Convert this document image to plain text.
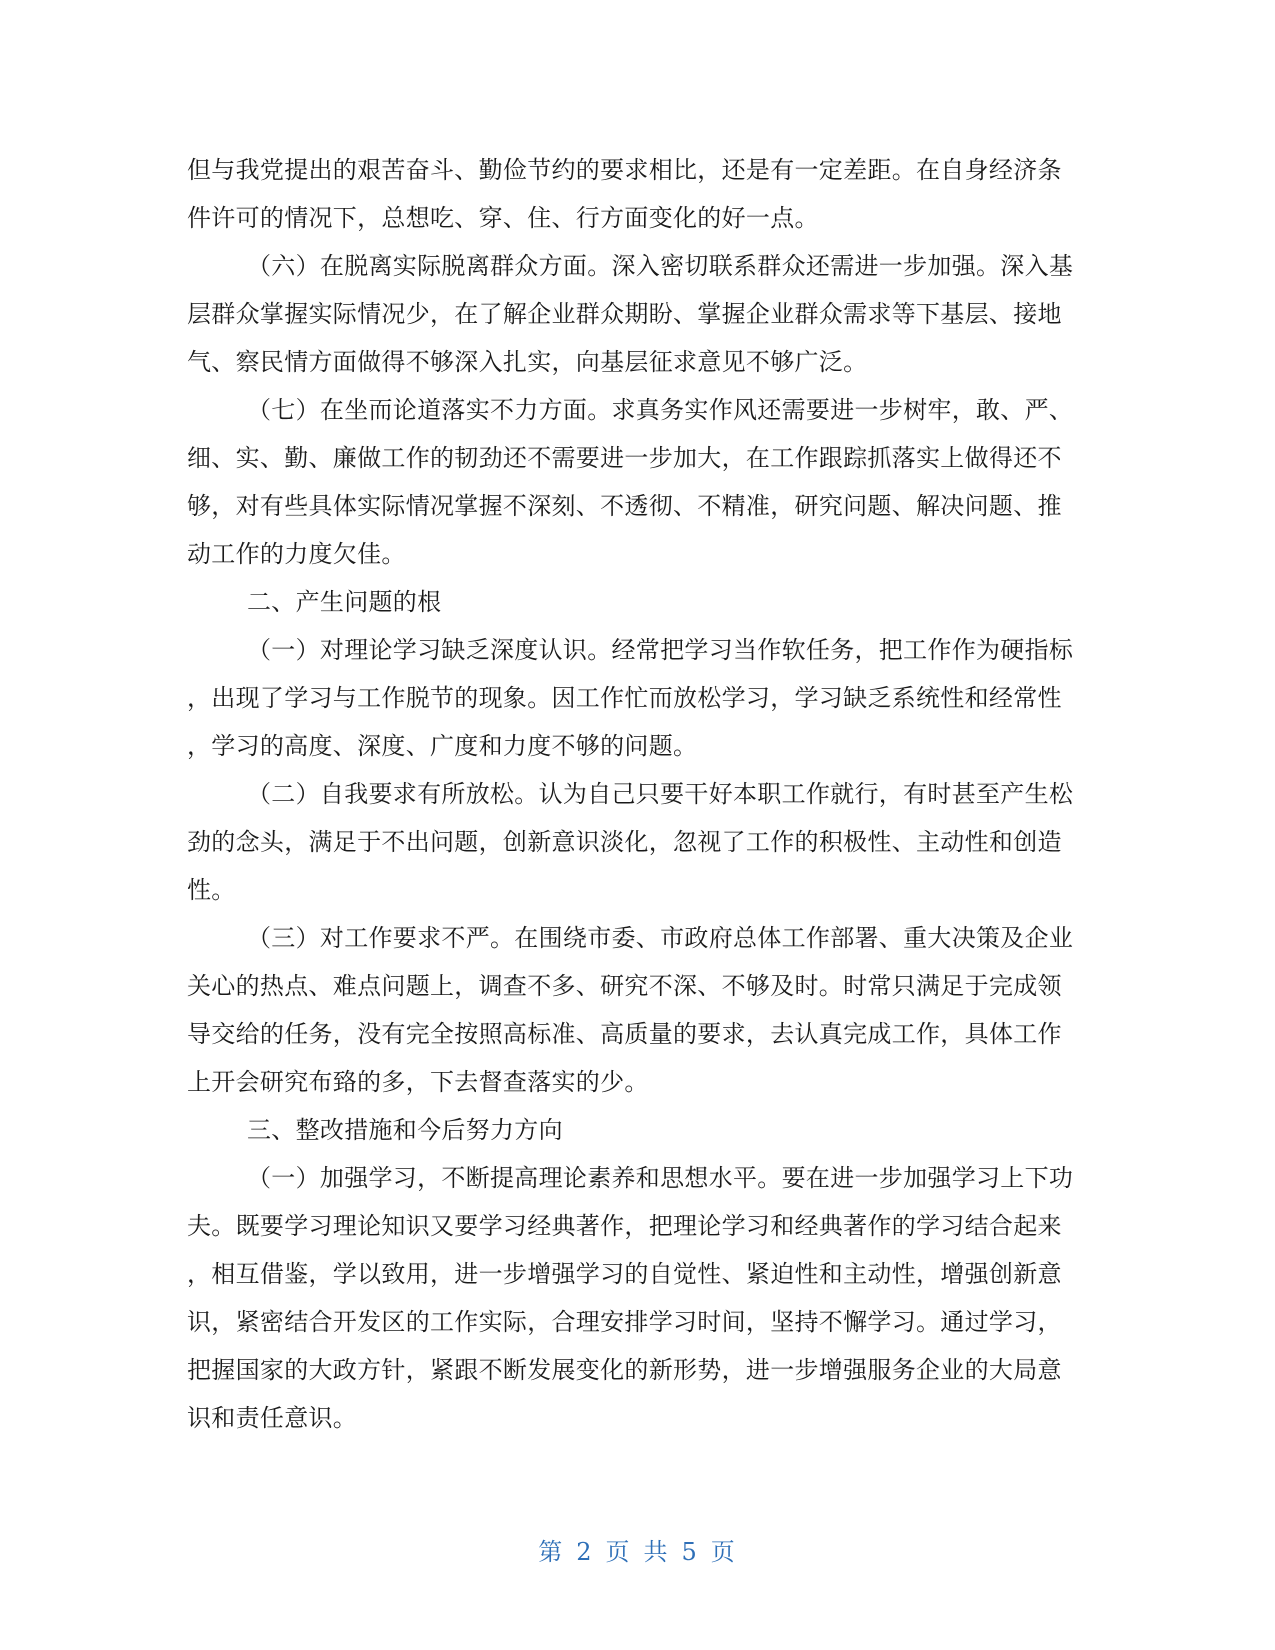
但与我党提出的艰苦奋斗、勤俭节约的要求相比，还是有一定差距。在自身经济条
件许可的情况下，总想吃、穿、住、行方面变化的好一点。
（六）在脱离实际脱离群众方面。深入密切联系群众还需进一步加强。深入基
层群众掌握实际情况少，在了解企业群众期盼、掌握企业群众需求等下基层、接地
气、察民情方面做得不够深入扎实，向基层征求意见不够广泛。
（七）在坐而论道落实不力方面。求真务实作风还需要进一步树牢，敢、严、
细、实、勤、廉做工作的韧劲还不需要进一步加大，在工作跟踪抓落实上做得还不
够，对有些具体实际情况掌握不深刻、不透彻、不精准，研究问题、解决问题、推
动工作的力度欠佳。
二、产生问题的根
（一）对理论学习缺乏深度认识。经常把学习当作软任务，把工作作为硬指标
，出现了学习与工作脱节的现象。因工作忙而放松学习，学习缺乏系统性和经常性
，学习的高度、深度、广度和力度不够的问题。
（二）自我要求有所放松。认为自己只要干好本职工作就行，有时甚至产生松
劲的念头，满足于不出问题，创新意识淡化，忽视了工作的积极性、主动性和创造
性。
（三）对工作要求不严。在围绕市委、市政府总体工作部署、重大决策及企业
关心的热点、难点问题上，调查不多、研究不深、不够及时。时常只满足于完成领
导交给的任务，没有完全按照高标准、高质量的要求，去认真完成工作，具体工作
上开会研究布臵的多，下去督查落实的少。
三、整改措施和今后努力方向
（一）加强学习，不断提高理论素养和思想水平。要在进一步加强学习上下功
夫。既要学习理论知识又要学习经典著作，把理论学习和经典著作的学习结合起来
，相互借鉴，学以致用，进一步增强学习的自觉性、紧迫性和主动性，增强创新意
识，紧密结合开发区的工作实际，合理安排学习时间，坚持不懈学习。通过学习，
把握国家的大政方针，紧跟不断发展变化的新形势，进一步增强服务企业的大局意
识和责任意识。
第 2 页 共 5 页
